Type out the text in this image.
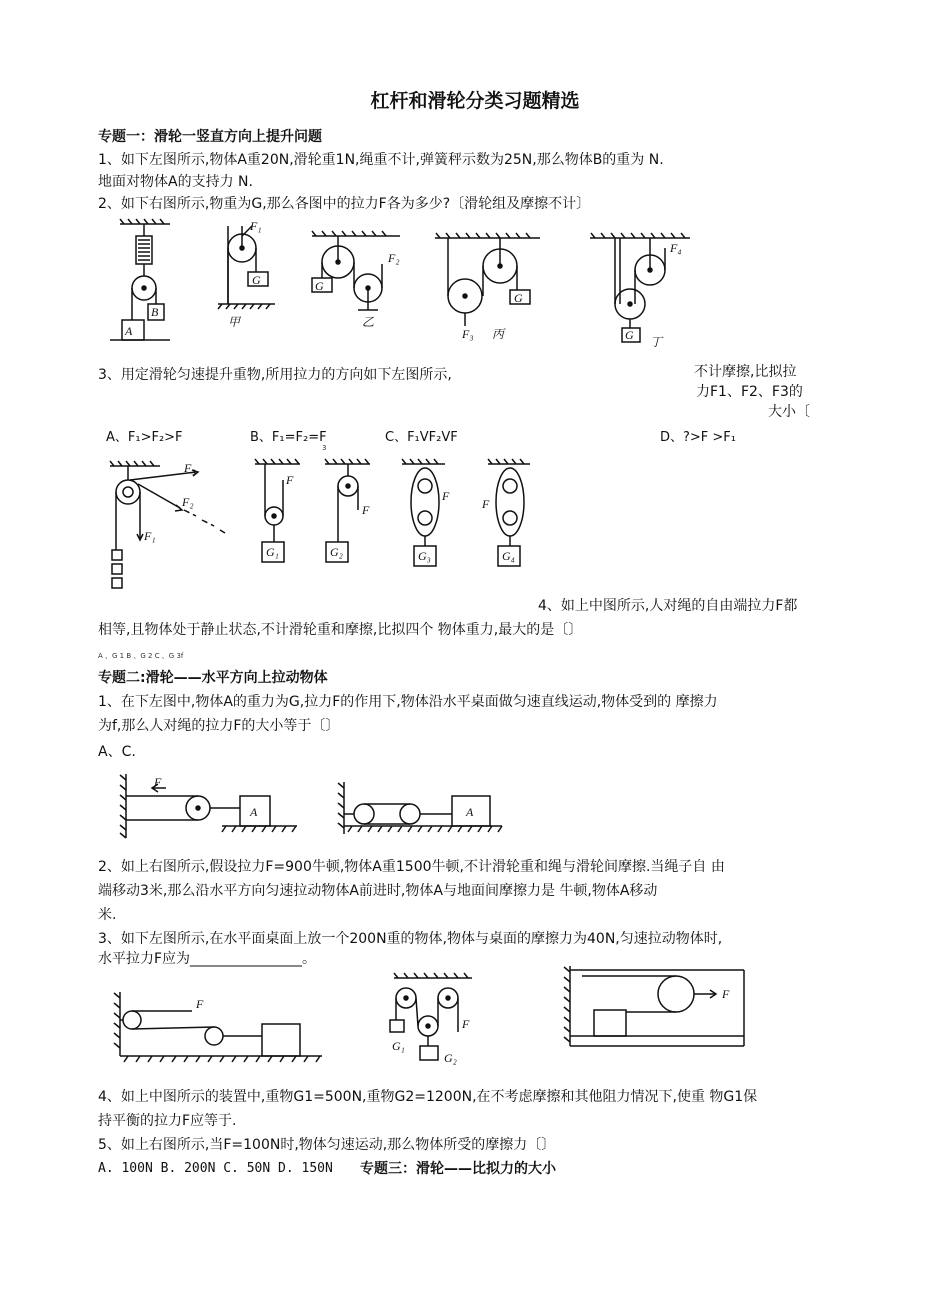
杠杆和滑轮分类习题精选
专题一：滑轮一竖直方向上提升问题
1、如下左图所示,物体A重20N,滑轮重1N,绳重不计,弹簧秤示数为25N,那么物体B的重为 N.
地面对物体A的支持力 N.
2、如下右图所示,物重为G,那么各图中的拉力F各为多少?〔滑轮组及摩擦不计〕
A
B
G
F₁
甲
G
F₂
乙
F₃
G
丙
F₄
G 丁
3、用定滑轮匀速提升重物,所用拉力的方向如下左图所示,	不计摩擦,比拟拉
力F1、F2、F3的
大小〔
A、F₁>F₂>F	B、F₁=F₂=F
3
C、F₁VF₂VF	D、?>F >F₁
F₃
F₂
F₁
F
G₁
F
G₂
F
G₃
F
G₄
4、如上中图所示,人对绳的自由端拉力F都
相等,且物体处于静止状态,不计滑轮重和摩擦,比拟四个 物体重力,最大的是〔〕
A 、G 1 B 、G 2 C 、G 3f
专题二:滑轮——水平方向上拉动物体
1、在下左图中,物体A的重力为G,拉力F的作用下,物体沿水平桌面做匀速直线运动,物体受到的 摩擦力
为f,那么人对绳的拉力F的大小等于〔〕
A、C.
F
A	A
2、如上右图所示,假设拉力F=900牛顿,物体A重1500牛顿,不计滑轮重和绳与滑轮间摩擦.当绳子自 由
端移动3米,那么沿水平方向匀速拉动物体A前进时,物体A与地面间摩擦力是 牛顿,物体A移动
米.
3、如下左图所示,在水平面桌面上放一个200N重的物体,物体与桌面的摩擦力为40N,匀速拉动物体时,
水平拉力F应为________________。
F
G₁
G₂
F
F
4、如上中图所示的装置中,重物G1=500N,重物G2=1200N,在不考虑摩擦和其他阻力情况下,使重 物G1保
持平衡的拉力F应等于.
5、如上右图所示,当F=100N时,物体匀速运动,那么物体所受的摩擦力〔〕
A. 100N B. 200N C. 50N D. 150N 专题三：滑轮——比拟力的大小
